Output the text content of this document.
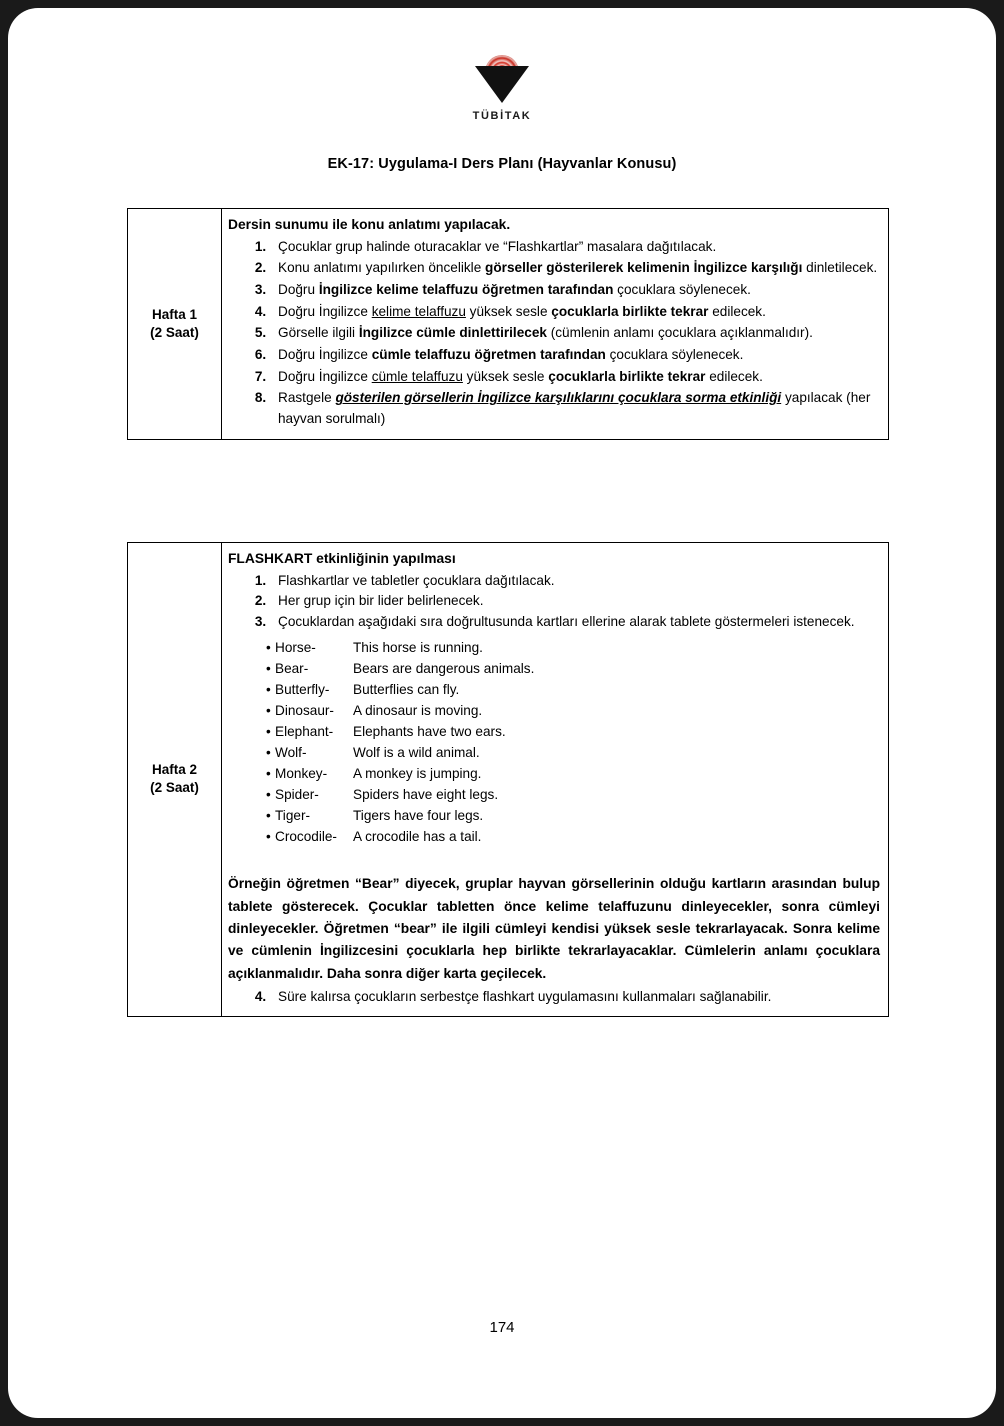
TÜBİTAK
EK-17: Uygulama-I Ders Planı (Hayvanlar Konusu)
Hafta 1
(2 Saat)

Dersin sunumu ile konu anlatımı yapılacak.

1. Çocuklar grup halinde oturacaklar ve “Flashkartlar” masalara dağıtılacak.
2. Konu anlatımı yapılırken öncelikle görseller gösterilerek kelimenin İngilizce karşılığı dinletilecek.
3. Doğru İngilizce kelime telaffuzu öğretmen tarafından çocuklara söylenecek.
4. Doğru İngilizce kelime telaffuzu yüksek sesle çocuklarla birlikte tekrar edilecek.
5. Görselle ilgili İngilizce cümle dinlettirilecek (cümlenin anlamı çocuklara açıklanmalıdır).
6. Doğru İngilizce cümle telaffuzu öğretmen tarafından çocuklara söylenecek.
7. Doğru İngilizce cümle telaffuzu yüksek sesle çocuklarla birlikte tekrar edilecek.
8. Rastgele gösterilen görsellerin İngilizce karşılıklarını çocuklara sorma etkinliği yapılacak (her hayvan sorulmalı)
Hafta 2
(2 Saat)

FLASHKART etkinliğinin yapılması

1. Flashkartlar ve tabletler çocuklara dağıtılacak.
2. Her grup için bir lider belirlenecek.
3. Çocuklardan aşağıdaki sıra doğrultusunda kartları ellerine alarak tablete göstermeleri istenecek.
• Horse-	This horse is running.
• Bear-	Bears are dangerous animals.
• Butterfly-	Butterflies can fly.
• Dinosaur-	A dinosaur is moving.
• Elephant-	Elephants have two ears.
• Wolf-	Wolf is a wild animal.
• Monkey-	A monkey is jumping.
• Spider-	Spiders have eight legs.
• Tiger-	Tigers have four legs.
• Crocodile-	A crocodile has a tail.

Örneğin öğretmen “Bear” diyecek, gruplar hayvan görsellerinin olduğu kartların arasından bulup tablete gösterecek. Çocuklar tabletten önce kelime telaffuzunu dinleyecekler, sonra cümleyi dinleyecekler. Öğretmen “bear” ile ilgili cümleyi kendisi yüksek sesle tekrarlayacak. Sonra kelime ve cümlenin İngilizcesini çocuklarla hep birlikte tekrarlayacaklar. Cümlelerin anlamı çocuklara açıklanmalıdır. Daha sonra diğer karta geçilecek.

4. Süre kalırsa çocukların serbestçe flashkart uygulamasını kullanmaları sağlanabilir.
174
